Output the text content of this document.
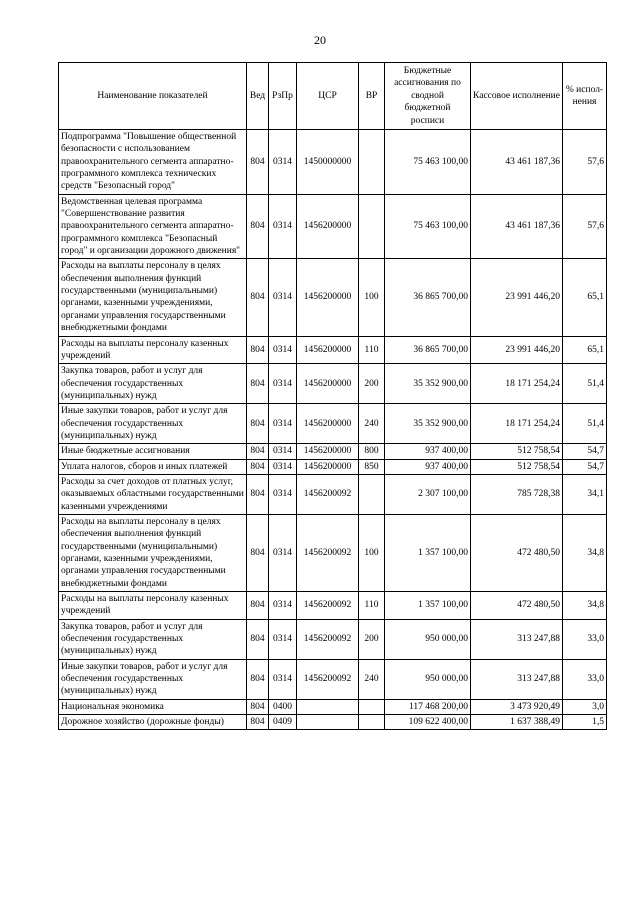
20
Наименование показателей	Вед	РзПр	ЦСР	ВР	Бюджетные ассигнования по сводной бюджетной росписи	Кассовое исполнение	% испол- нения
Подпрограмма "Повышение общественной безопасности с использованием правоохранительного сегмента аппаратно-программного комплекса технических средств "Безопасный город"	804	0314	1450000000		75 463 100,00	43 461 187,36	57,6
Ведомственная целевая программа "Совершенствование развития правоохранительного сегмента аппаратно-программного комплекса "Безопасный город" и организации дорожного движения"	804	0314	1456200000		75 463 100,00	43 461 187,36	57,6
Расходы на выплаты персоналу в целях обеспечения выполнения функций государственными (муниципальными) органами, казенными учреждениями, органами управления государственными внебюджетными фондами	804	0314	1456200000	100	36 865 700,00	23 991 446,20	65,1
Расходы на выплаты персоналу казенных учреждений	804	0314	1456200000	110	36 865 700,00	23 991 446,20	65,1
Закупка товаров, работ и услуг для обеспечения государственных (муниципальных) нужд	804	0314	1456200000	200	35 352 900,00	18 171 254,24	51,4
Иные закупки товаров, работ и услуг для обеспечения государственных (муниципальных) нужд	804	0314	1456200000	240	35 352 900,00	18 171 254,24	51,4
Иные бюджетные ассигнования	804	0314	1456200000	800	937 400,00	512 758,54	54,7
Уплата налогов, сборов и иных платежей	804	0314	1456200000	850	937 400,00	512 758,54	54,7
Расходы за счет доходов от платных услуг, оказываемых областными государственными казенными учреждениями	804	0314	1456200092		2 307 100,00	785 728,38	34,1
Расходы на выплаты персоналу в целях обеспечения выполнения функций государственными (муниципальными) органами, казенными учреждениями, органами управления государственными внебюджетными фондами	804	0314	1456200092	100	1 357 100,00	472 480,50	34,8
Расходы на выплаты персоналу казенных учреждений	804	0314	1456200092	110	1 357 100,00	472 480,50	34,8
Закупка товаров, работ и услуг для обеспечения государственных (муниципальных) нужд	804	0314	1456200092	200	950 000,00	313 247,88	33,0
Иные закупки товаров, работ и услуг для обеспечения государственных (муниципальных) нужд	804	0314	1456200092	240	950 000,00	313 247,88	33,0
Национальная экономика	804	0400			117 468 200,00	3 473 920,49	3,0
Дорожное хозяйство (дорожные фонды)	804	0409			109 622 400,00	1 637 388,49	1,5
